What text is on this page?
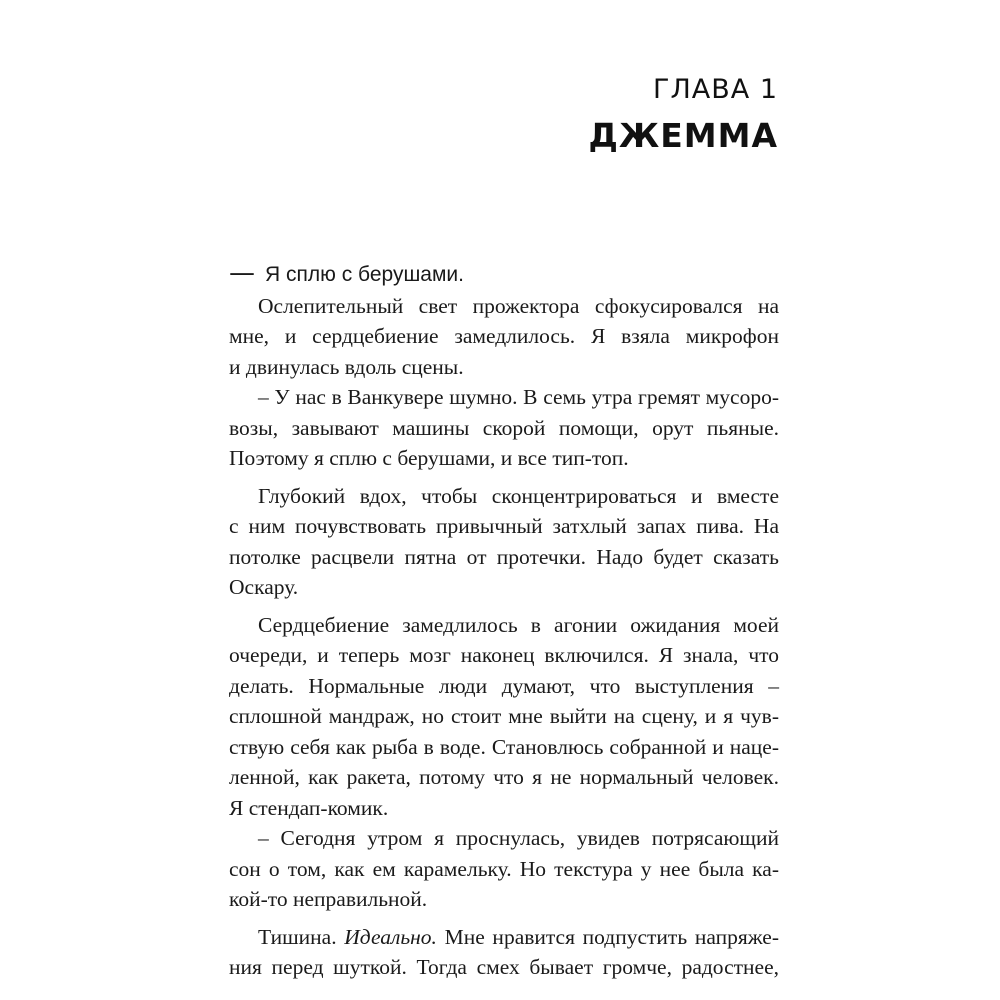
ГЛАВА 1
ДЖЕММА
— Я сплю с берушами.
Ослепительный свет прожектора сфокусировался на
мне, и сердцебиение замедлилось. Я взяла микрофон
и двинулась вдоль сцены.
– У нас в Ванкувере шумно. В семь утра гремят мусоро-
возы, завывают машины скорой помощи, орут пьяные.
Поэтому я сплю с берушами, и все тип-топ.
Глубокий вдох, чтобы сконцентрироваться и вместе
с ним почувствовать привычный затхлый запах пива. На
потолке расцвели пятна от протечки. Надо будет сказать
Оскару.
Сердцебиение замедлилось в агонии ожидания моей
очереди, и теперь мозг наконец включился. Я знала, что
делать. Нормальные люди думают, что выступления –
сплошной мандраж, но стоит мне выйти на сцену, и я чув-
ствую себя как рыба в воде. Становлюсь собранной и наце-
ленной, как ракета, потому что я не нормальный человек.
Я стендап-комик.
– Сегодня утром я проснулась, увидев потрясающий
сон о том, как ем карамельку. Но текстура у нее была ка-
кой-то неправильной.
Тишина. Идеально. Мне нравится подпустить напряже-
ния перед шуткой. Тогда смех бывает громче, радостнее,
